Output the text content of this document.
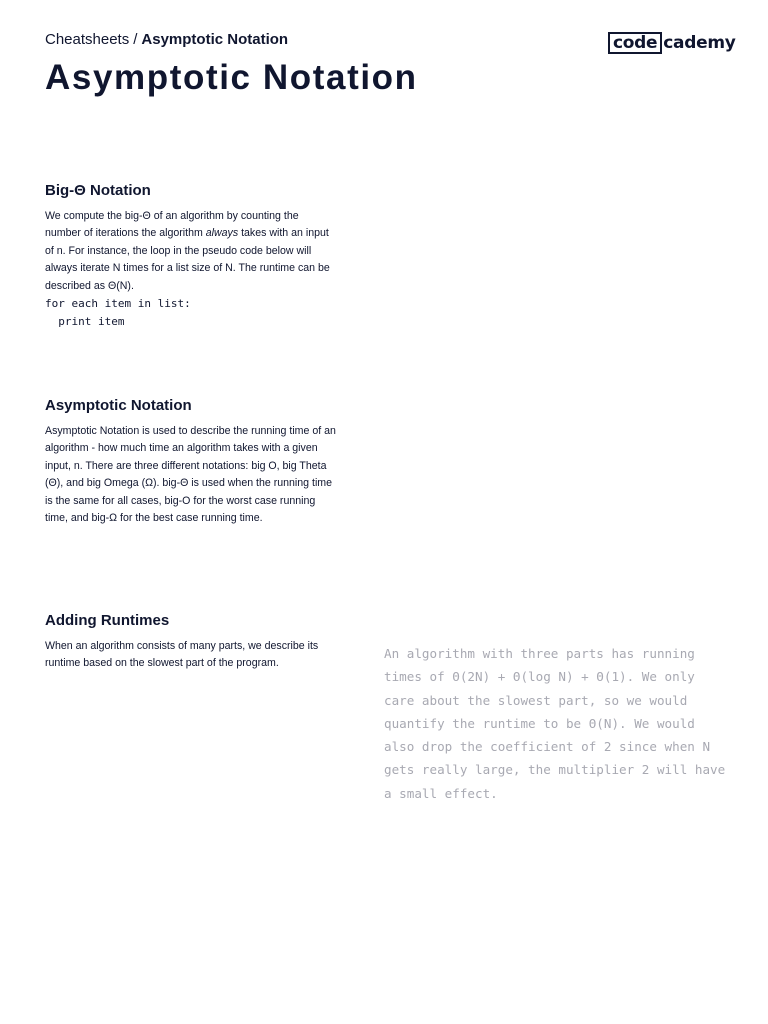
Cheatsheets / Asymptotic Notation	code cademy
Asymptotic Notation
Big-Θ Notation

We compute the big-Θ of an algorithm by counting the number of iterations the algorithm always takes with an input of n. For instance, the loop in the pseudo code below will always iterate N times for a list size of N. The runtime can be described as Θ(N).

for each item in list:
print item
Asymptotic Notation

Asymptotic Notation is used to describe the running time of an algorithm - how much time an algorithm takes with a given input, n. There are three different notations: big O, big Theta (Θ), and big Omega (Ω). big-Θ is used when the running time is the same for all cases, big-O for the worst case running time, and big-Ω for the best case running time.

Adding Runtimes

When an algorithm consists of many parts, we describe its runtime based on the slowest part of the program.

An algorithm with three parts has running times of Θ(2N) + Θ(log N) + Θ(1). We only care about the slowest part, so we would quantify the runtime to be Θ(N). We would also drop the coefficient of 2 since when N gets really large, the multiplier 2 will have a small effect.
